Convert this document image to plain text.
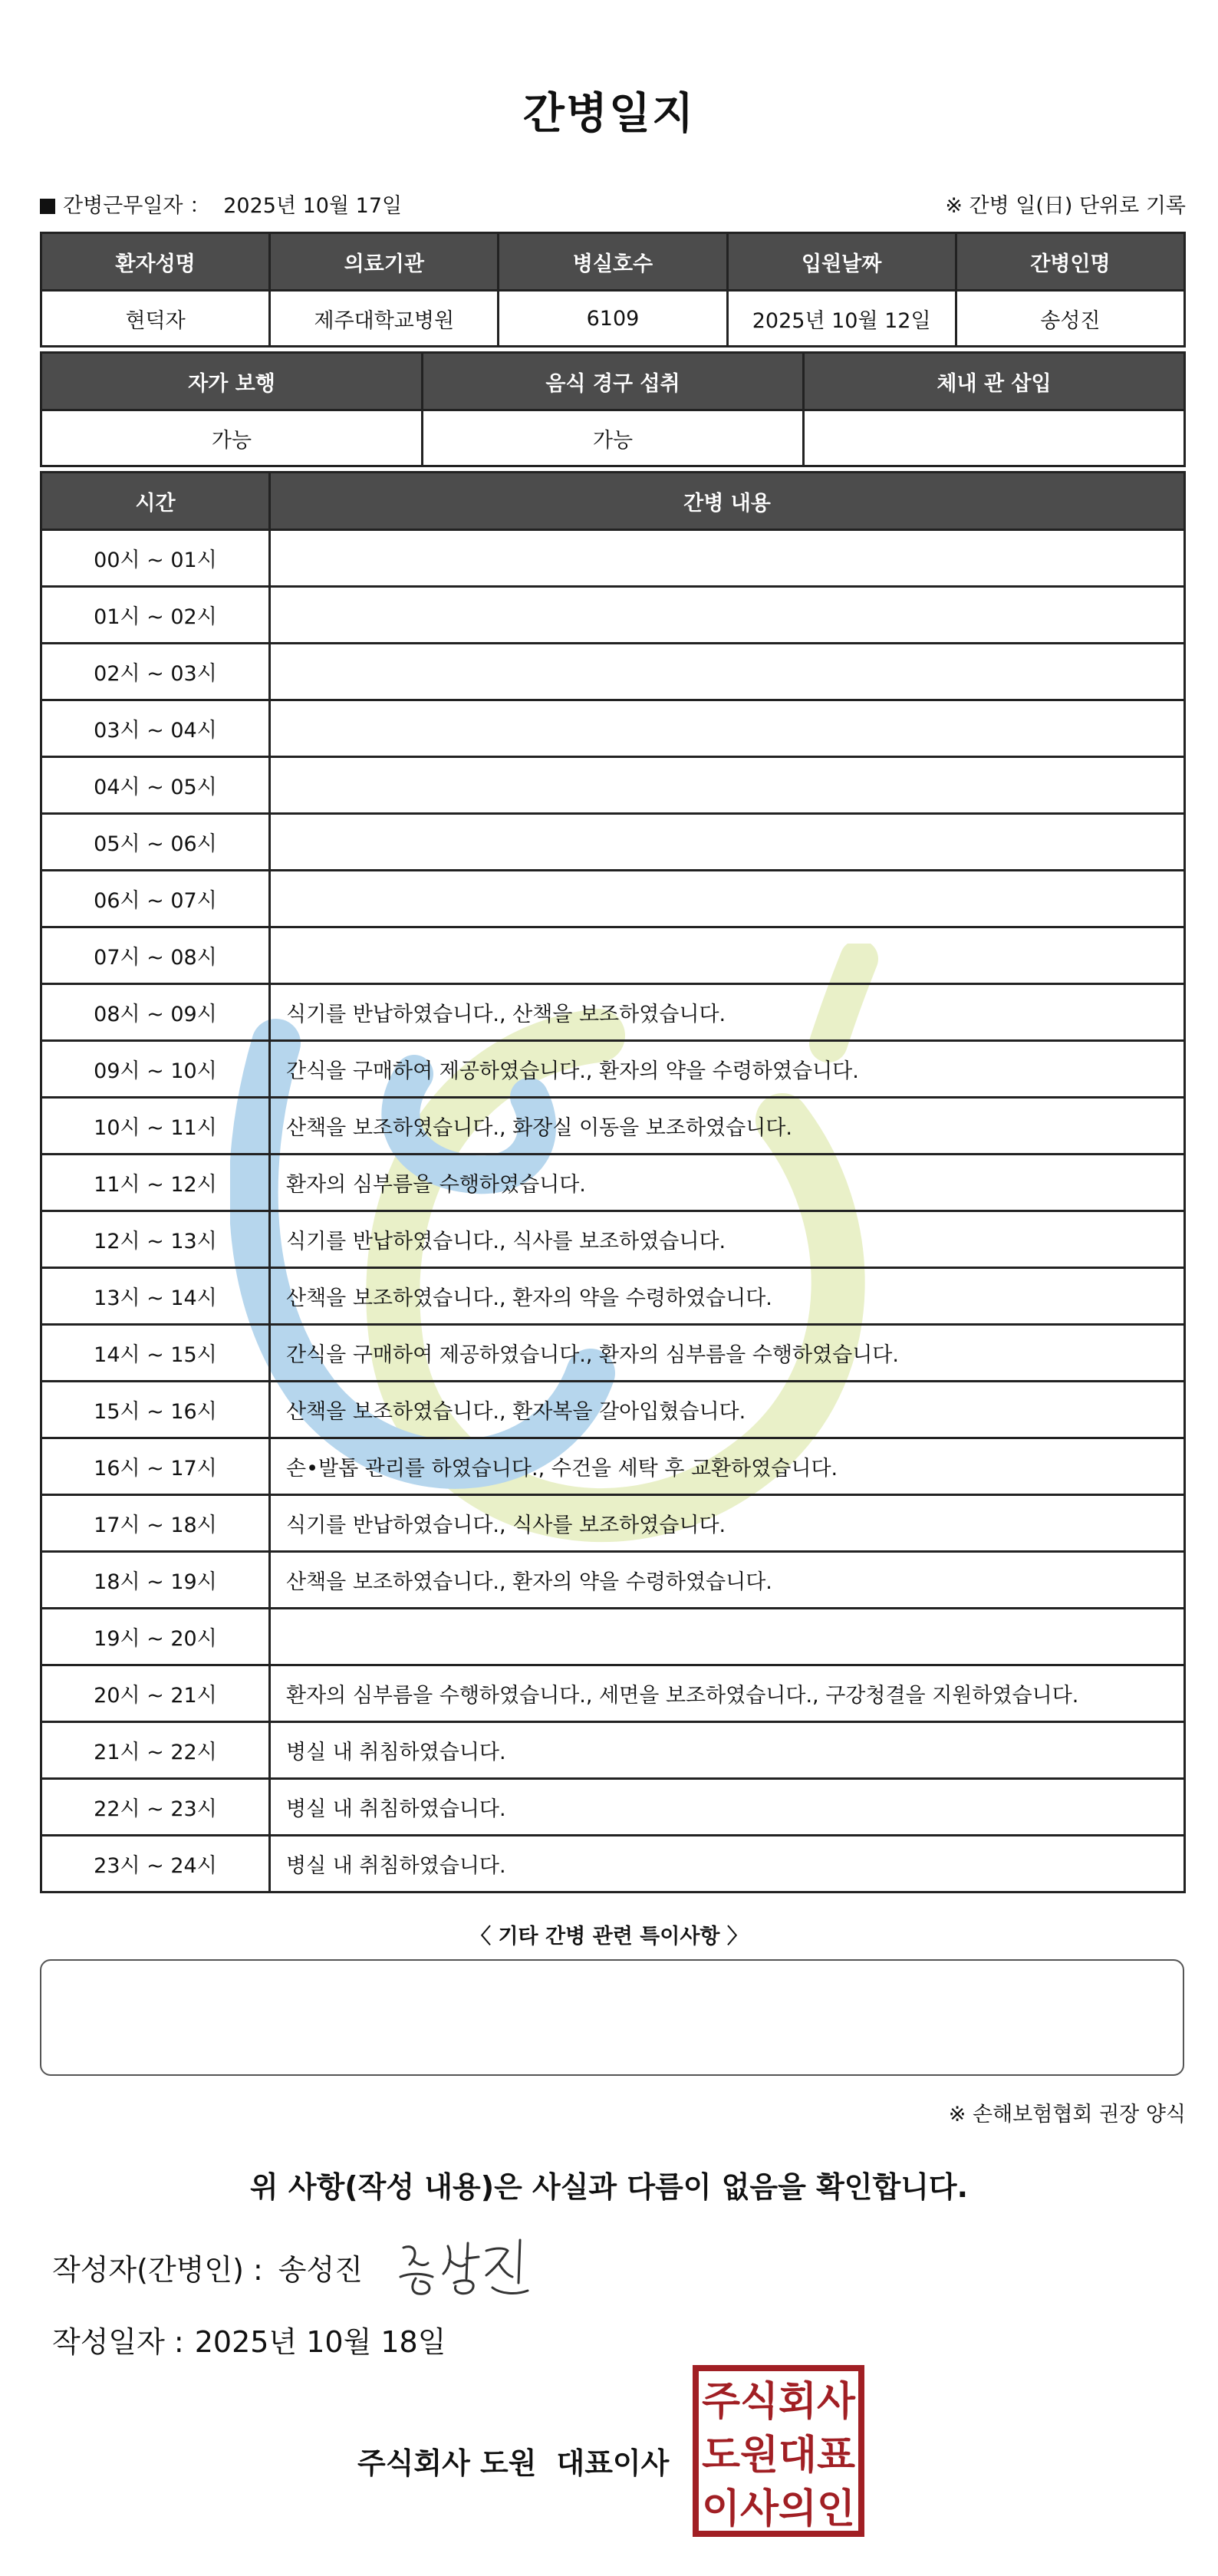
간병일지
간병근무일자 ： 2025년 10월 17일	※ 간병 일(日) 단위로 기록
환자성명	의료기관	병실호수	입원날짜	간병인명
현덕자	제주대학교병원	6109	2025년 10월 12일	송성진
자가 보행	음식 경구 섭취	체내 관 삽입
가능	가능	
시간	간병 내용
00시 ~ 01시	
01시 ~ 02시	
02시 ~ 03시	
03시 ~ 04시	
04시 ~ 05시	
05시 ~ 06시	
06시 ~ 07시	
07시 ~ 08시	
08시 ~ 09시	식기를 반납하였습니다., 산책을 보조하였습니다.
09시 ~ 10시	간식을 구매하여 제공하였습니다., 환자의 약을 수령하였습니다.
10시 ~ 11시	산책을 보조하였습니다., 화장실 이동을 보조하였습니다.
11시 ~ 12시	환자의 심부름을 수행하였습니다.
12시 ~ 13시	식기를 반납하였습니다., 식사를 보조하였습니다.
13시 ~ 14시	산책을 보조하였습니다., 환자의 약을 수령하였습니다.
14시 ~ 15시	간식을 구매하여 제공하였습니다., 환자의 심부름을 수행하였습니다.
15시 ~ 16시	산책을 보조하였습니다., 환자복을 갈아입혔습니다.
16시 ~ 17시	손•발톱 관리를 하였습니다., 수건을 세탁 후 교환하였습니다.
17시 ~ 18시	식기를 반납하였습니다., 식사를 보조하였습니다.
18시 ~ 19시	산책을 보조하였습니다., 환자의 약을 수령하였습니다.
19시 ~ 20시	
20시 ~ 21시	환자의 심부름을 수행하였습니다., 세면을 보조하였습니다., 구강청결을 지원하였습니다.
21시 ~ 22시	병실 내 취침하였습니다.
22시 ~ 23시	병실 내 취침하였습니다.
23시 ~ 24시	병실 내 취침하였습니다.
〈 기타 간병 관련 특이사항 〉
※ 손해보험협회 권장 양식
위 사항(작성 내용)은 사실과 다름이 없음을 확인합니다.
작성자(간병인) : 송성진
작성일자 : 2025년 10월 18일
주식회사 도원 대표이사
주식회사
도원대표
이사의인
